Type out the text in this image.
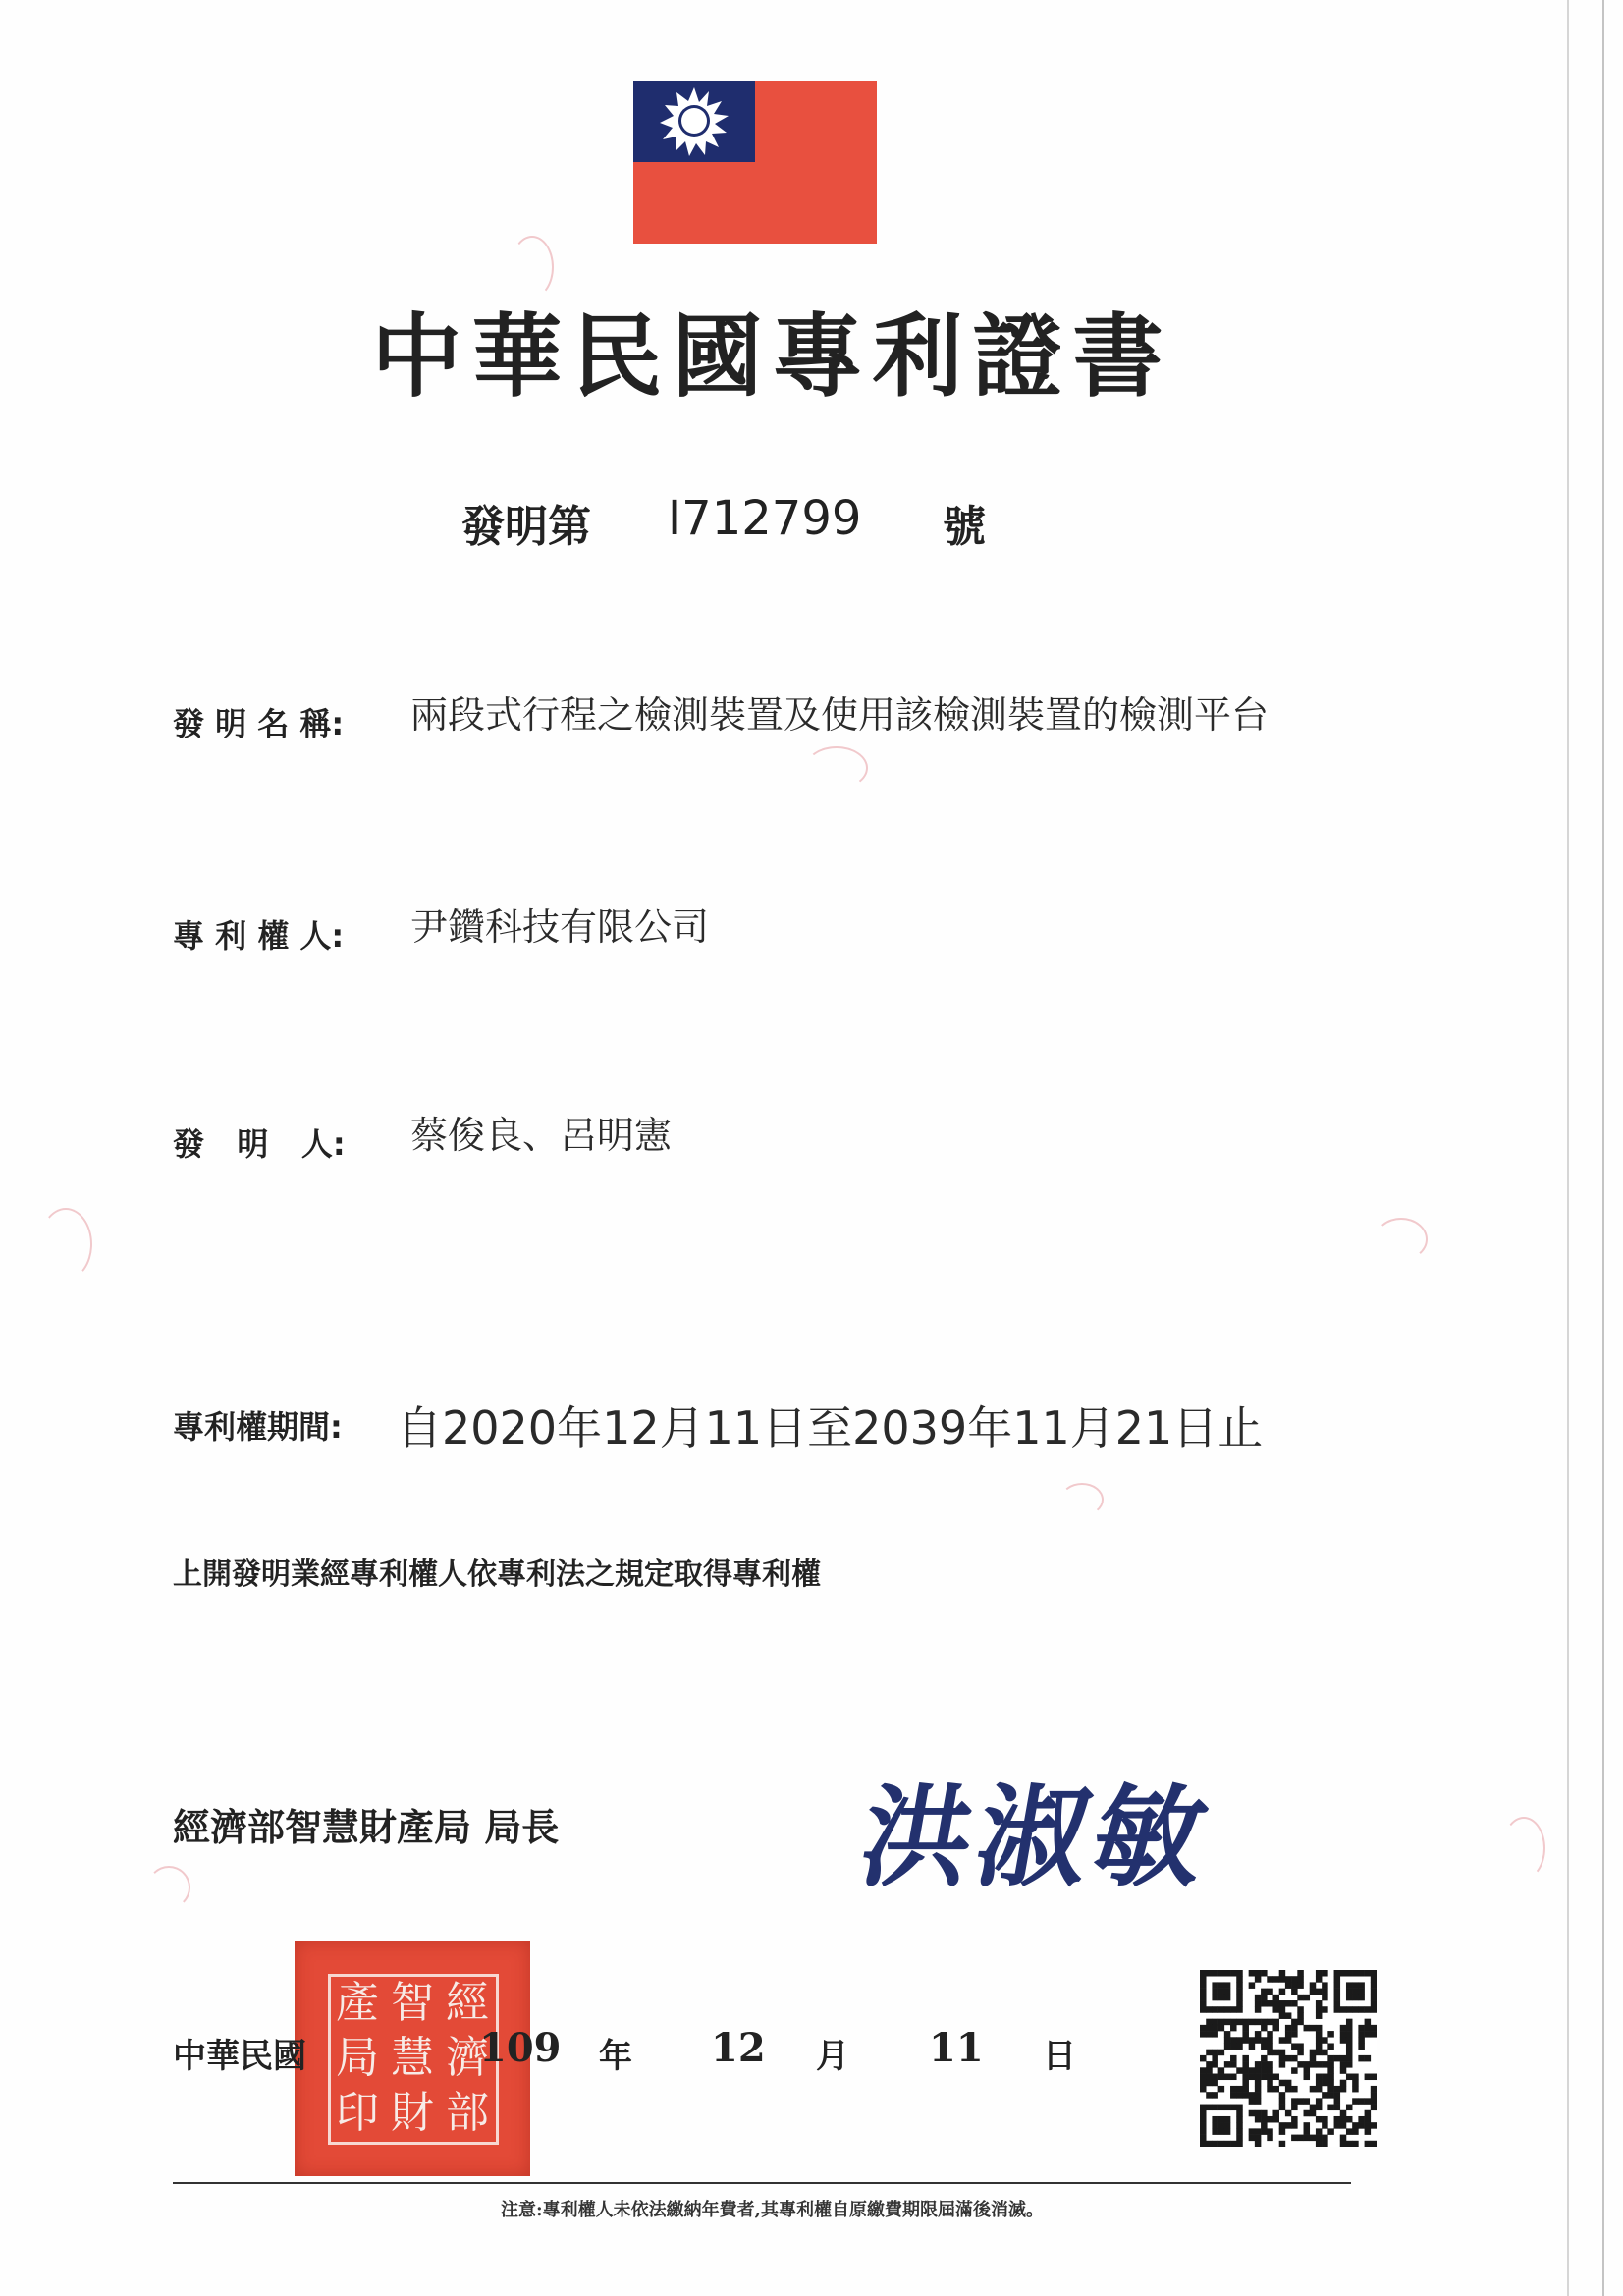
中華民國專利證書
發明第 I712799 號
發 明 名 稱: 兩段式行程之檢測裝置及使用該檢測裝置的檢測平台
專 利 權 人: 尹鑽科技有限公司
發   明   人: 蔡俊良、呂明憲
專利權期間: 自2020年12月11日至2039年11月21日止
上開發明業經專利權人依專利法之規定取得專利權
經濟部智慧財產局 局長	洪淑敏
經
濟
部
智
慧
財
產
局
印
中華民國	109 年 12 月 11 日
注意:專利權人未依法繳納年費者,其專利權自原繳費期限屆滿後消滅。
